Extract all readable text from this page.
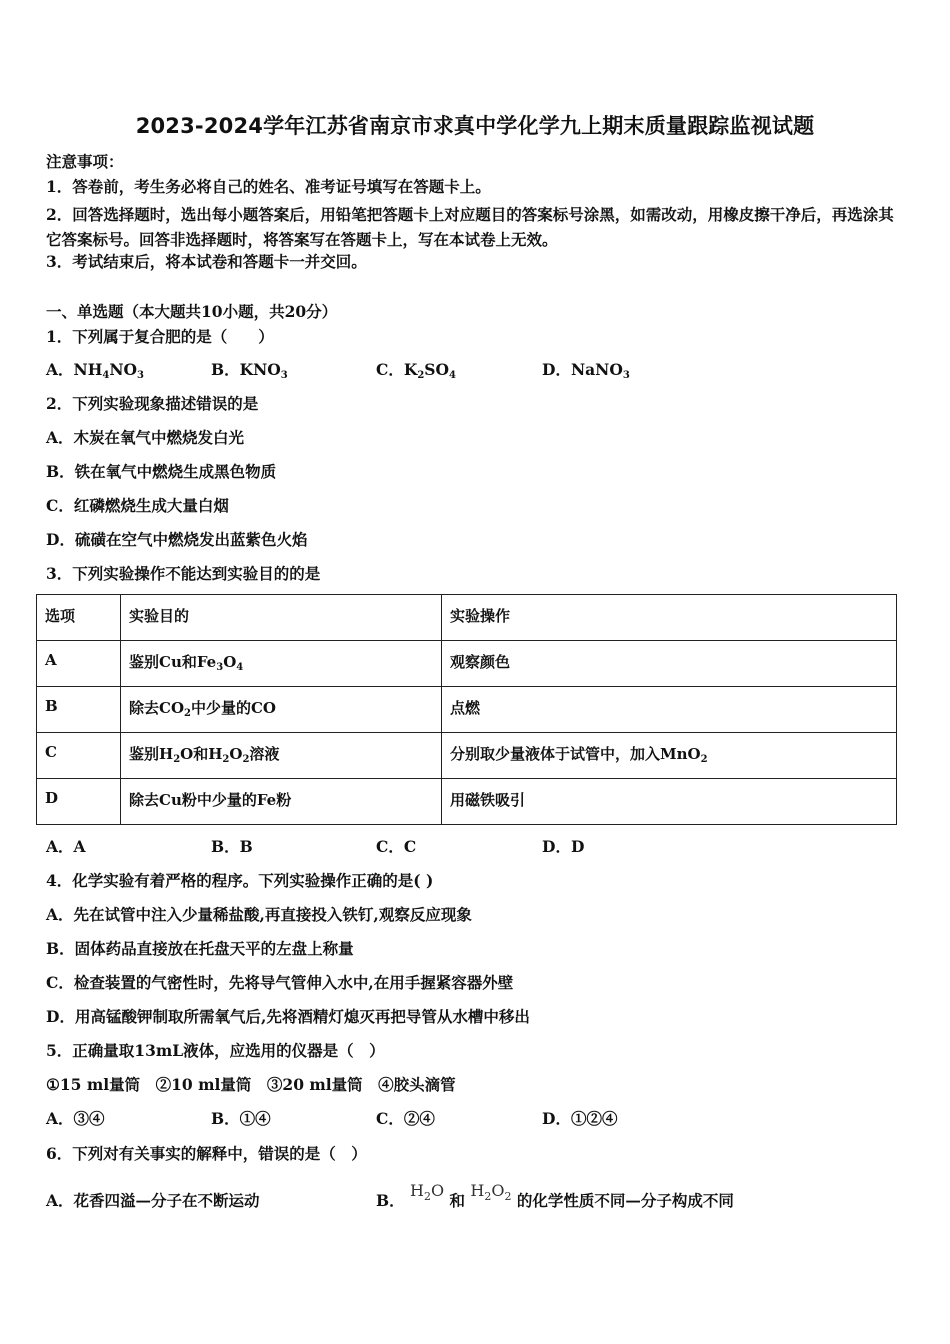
2023-2024学年江苏省南京市求真中学化学九上期末质量跟踪监视试题
注意事项：
1．答卷前，考生务必将自己的姓名、准考证号填写在答题卡上。
2．回答选择题时，选出每小题答案后，用铅笔把答题卡上对应题目的答案标号涂黑，如需改动，用橡皮擦干净后，再选涂其它答案标号。回答非选择题时，将答案写在答题卡上，写在本试卷上无效。
3．考试结束后，将本试卷和答题卡一并交回。
一、单选题（本大题共10小题，共20分）
1．下列属于复合肥的是（　　）
A．$NH_4NO_3$	B．$KNO_3$	C．$K_2SO_4$	D．NaNO$_3$
2．下列实验现象描述错误的是
A．木炭在氧气中燃烧发白光
B．铁在氧气中燃烧生成黑色物质
C．红磷燃烧生成大量白烟
D．硫磺在空气中燃烧发出蓝紫色火焰
3．下列实验操作不能达到实验目的的是
选项	实验目的	实验操作
A	鉴别Cu和$Fe_3O_4$	观察颜色
B	除去$CO_2$中少量的CO	点燃
C	鉴别$H_2O$和$H_2O_2$溶液	分别取少量液体于试管中，加入MnO$_2$
D	除去Cu粉中少量的Fe粉	用磁铁吸引
A．A	B．B	C．C	D．D
4．化学实验有着严格的程序。下列实验操作正确的是( )
A．先在试管中注入少量稀盐酸,再直接投入铁钉,观察反应现象
B．固体药品直接放在托盘天平的左盘上称量
C．检查装置的气密性时，先将导气管伸入水中,在用手握紧容器外壁
D．用高锰酸钾制取所需氧气后,先将酒精灯熄灭再把导管从水槽中移出
5．正确量取13mL液体，应选用的仪器是（　）
①15 ml量筒　②10 ml量筒　③20 ml量筒　④胶头滴管
A．③④	B．①④	C．②④	D．①②④
6．下列对有关事实的解释中，错误的是（　）
A．花香四溢—分子在不断运动	B． $H_2O$ 和 $H_2O_2$ 的化学性质不同—分子构成不同
